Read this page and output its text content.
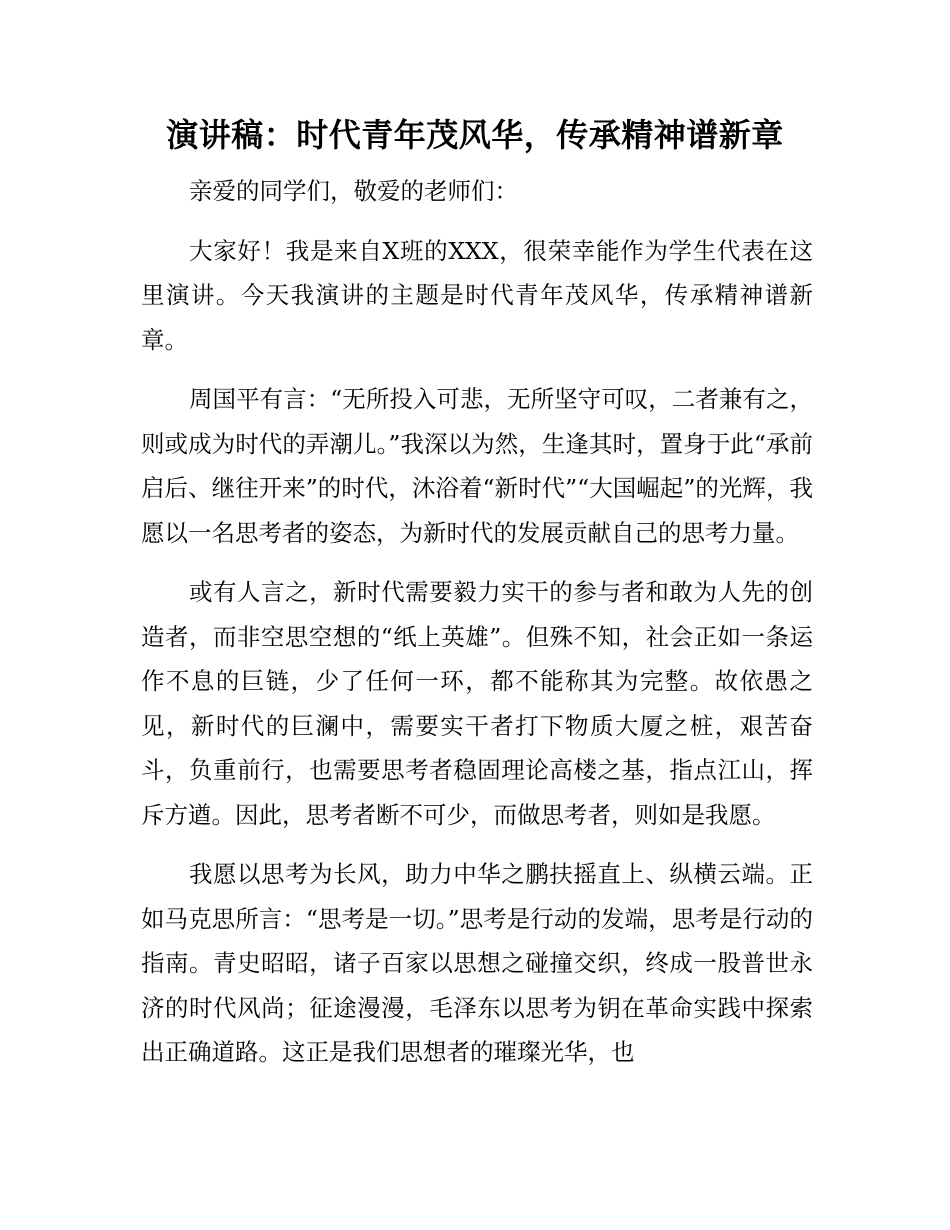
演讲稿：时代青年茂风华，传承精神谱新章

亲爱的同学们，敬爱的老师们：

大家好！我是来自X班的XXX，很荣幸能作为学生代表在这里演讲。今天我演讲的主题是时代青年茂风华，传承精神谱新章。

周国平有言：“无所投入可悲，无所坚守可叹，二者兼有之，则或成为时代的弄潮儿。”我深以为然，生逢其时，置身于此“承前启后、继往开来”的时代，沐浴着“新时代”“大国崛起”的光辉，我愿以一名思考者的姿态，为新时代的发展贡献自己的思考力量。

或有人言之，新时代需要毅力实干的参与者和敢为人先的创造者，而非空思空想的“纸上英雄”。但殊不知，社会正如一条运作不息的巨链，少了任何一环，都不能称其为完整。故依愚之见，新时代的巨澜中，需要实干者打下物质大厦之桩，艰苦奋斗，负重前行，也需要思考者稳固理论高楼之基，指点江山，挥斥方遒。因此，思考者断不可少，而做思考者，则如是我愿。

我愿以思考为长风，助力中华之鹏扶摇直上、纵横云端。正如马克思所言：“思考是一切。”思考是行动的发端，思考是行动的指南。青史昭昭，诸子百家以思想之碰撞交织，终成一股普世永济的时代风尚；征途漫漫，毛泽东以思考为钥在革命实践中探索出正确道路。这正是我们思想者的璀璨光华，也
